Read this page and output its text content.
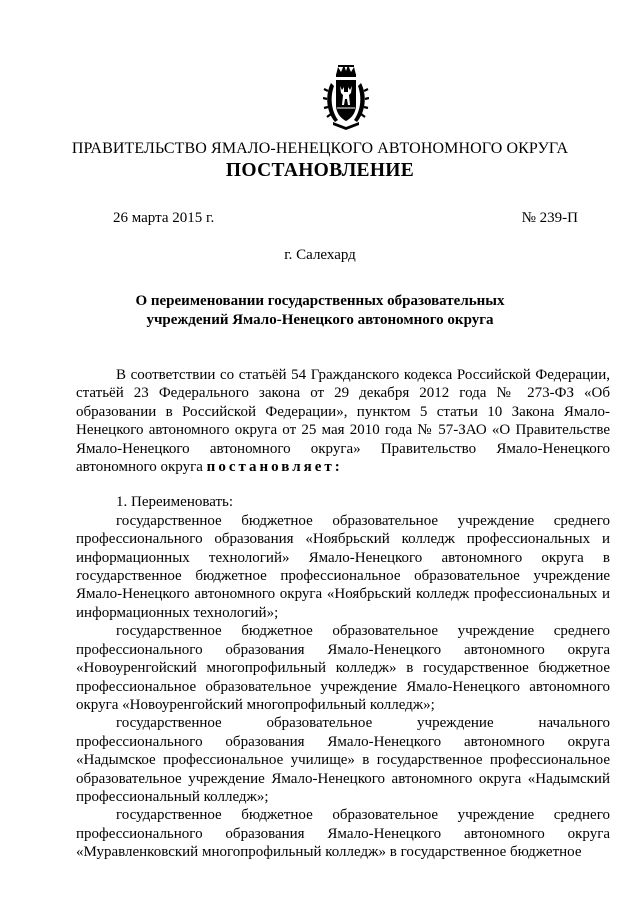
ПРАВИТЕЛЬСТВО ЯМАЛО-НЕНЕЦКОГО АВТОНОМНОГО ОКРУГА
ПОСТАНОВЛЕНИЕ
26 марта 2015 г.	№ 239-П
г. Салехард
О переименовании государственных образовательных
учреждений Ямало-Ненецкого автономного округа

В соответствии со статьёй 54 Гражданского кодекса Российской Федерации, статьёй 23 Федерального закона от 29 декабря 2012 года № 273-ФЗ «Об образовании в Российской Федерации», пунктом 5 статьи 10 Закона Ямало-Ненецкого автономного округа от 25 мая 2010 года № 57-ЗАО «О Правительстве Ямало-Ненецкого автономного округа» Правительство Ямало-Ненецкого автономного округа постановляет:

1. Переименовать:

государственное бюджетное образовательное учреждение среднего профессионального образования «Ноябрьский колледж профессиональных и информационных технологий» Ямало-Ненецкого автономного округа в государственное бюджетное профессиональное образовательное учреждение Ямало-Ненецкого автономного округа «Ноябрьский колледж профессиональных и информационных технологий»;

государственное бюджетное образовательное учреждение среднего профессионального образования Ямало-Ненецкого автономного округа «Новоуренгойский многопрофильный колледж» в государственное бюджетное профессиональное образовательное учреждение Ямало-Ненецкого автономного округа «Новоуренгойский многопрофильный колледж»;

государственное образовательное учреждение начального профессионального образования Ямало-Ненецкого автономного округа «Надымское профессиональное училище» в государственное профессиональное образовательное учреждение Ямало-Ненецкого автономного округа «Надымский профессиональный колледж»;

государственное бюджетное образовательное учреждение среднего профессионального образования Ямало-Ненецкого автономного округа «Муравленковский многопрофильный колледж» в государственное бюджетное
